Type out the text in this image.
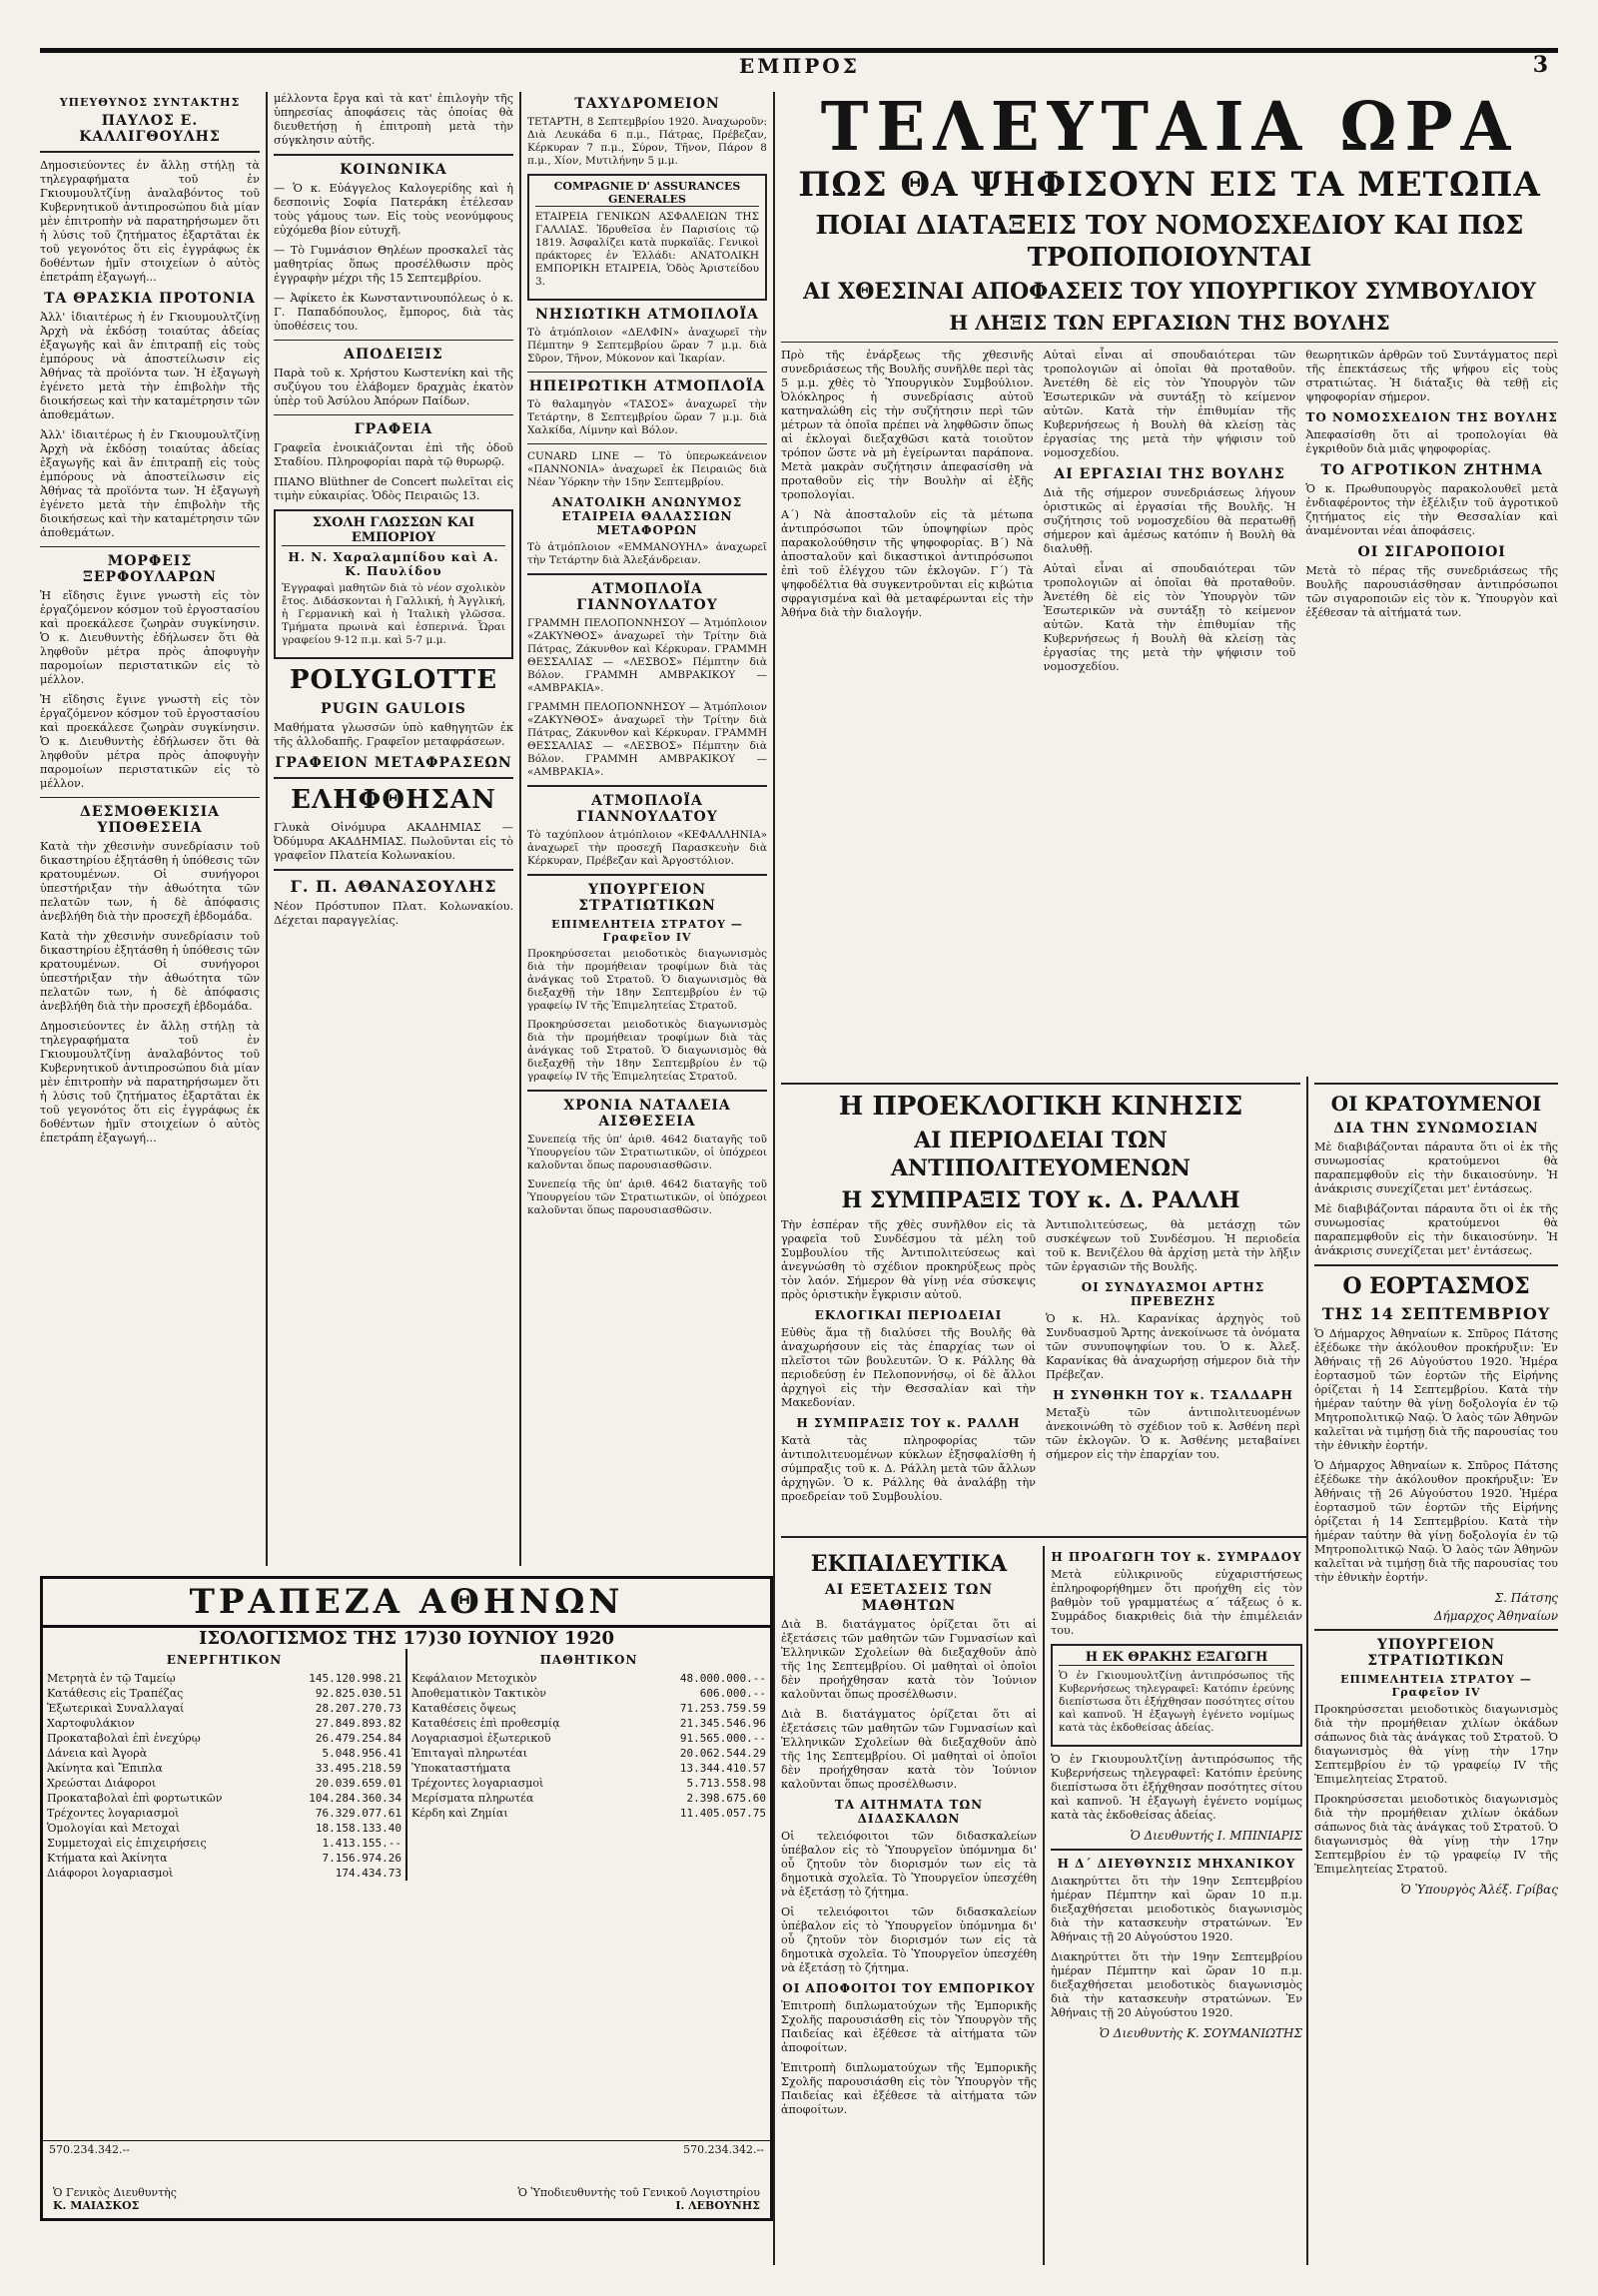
ΕΜΠΡΟΣ	3
ΥΠΕΥΘΥΝΟΣ ΣΥΝΤΑΚΤΗΣ
ΠΑΥΛΟΣ Ε. ΚΑΛΛΙΓΘΟΥΛΗΣ

Δημοσιεύοντες ἐν ἄλλῃ στήλῃ τὰ τηλεγραφήματα τοῦ ἐν Γκιουμουλτζίνῃ ἀναλαβόντος τοῦ Κυβερνητικοῦ ἀντιπροσώπου διὰ μίαν μὲν ἐπιτροπὴν νὰ παρατηρήσωμεν ὅτι ἡ λύσις τοῦ ζητήματος ἐξαρτᾶται ἐκ τοῦ γεγονότος ὅτι εἰς ἐγγράφως ἐκ δοθέντων ἡμῖν στοιχείων ὁ αὐτὸς ἐπετράπη ἐξαγωγή...

ΤΑ ΘΡΑΣΚΙΑ ΠΡΟΤΟΝΙΑ

Ἀλλ' ἰδιαιτέρως ἡ ἐν Γκιουμουλτζίνῃ Ἀρχὴ νὰ ἐκδόσῃ τοιαύτας ἀδείας ἐξαγωγῆς καὶ ἂν ἐπιτραπῇ εἰς τοὺς ἐμπόρους νὰ ἀποστείλωσιν εἰς Ἀθήνας τὰ προϊόντα των. Ἡ ἐξαγωγὴ ἐγένετο μετὰ τὴν ἐπιβολὴν τῆς διοικήσεως καὶ τὴν καταμέτρησιν τῶν ἀποθεμάτων.

Ἀλλ' ἰδιαιτέρως ἡ ἐν Γκιουμουλτζίνῃ Ἀρχὴ νὰ ἐκδόσῃ τοιαύτας ἀδείας ἐξαγωγῆς καὶ ἂν ἐπιτραπῇ εἰς τοὺς ἐμπόρους νὰ ἀποστείλωσιν εἰς Ἀθήνας τὰ προϊόντα των. Ἡ ἐξαγωγὴ ἐγένετο μετὰ τὴν ἐπιβολὴν τῆς διοικήσεως καὶ τὴν καταμέτρησιν τῶν ἀποθεμάτων.

ΜΟΡΦΕΙΣ ΞΕΡΦΟΥΛΑΡΩΝ

Ἡ εἴδησις ἔγινε γνωστὴ εἰς τὸν ἐργαζόμενον κόσμον τοῦ ἐργοστασίου καὶ προεκάλεσε ζωηρὰν συγκίνησιν. Ὁ κ. Διευθυντὴς ἐδήλωσεν ὅτι θὰ ληφθοῦν μέτρα πρὸς ἀποφυγὴν παρομοίων περιστατικῶν εἰς τὸ μέλλον.

Ἡ εἴδησις ἔγινε γνωστὴ εἰς τὸν ἐργαζόμενον κόσμον τοῦ ἐργοστασίου καὶ προεκάλεσε ζωηρὰν συγκίνησιν. Ὁ κ. Διευθυντὴς ἐδήλωσεν ὅτι θὰ ληφθοῦν μέτρα πρὸς ἀποφυγὴν παρομοίων περιστατικῶν εἰς τὸ μέλλον.

ΔΕΣΜΟΘΕΚΙΣΙΑ ΥΠΟΘΕΣΕΙΑ

Κατὰ τὴν χθεσινὴν συνεδρίασιν τοῦ δικαστηρίου ἐξητάσθη ἡ ὑπόθεσις τῶν κρατουμένων. Οἱ συνήγοροι ὑπεστήριξαν τὴν ἀθωότητα τῶν πελατῶν των, ἡ δὲ ἀπόφασις ἀνεβλήθη διὰ τὴν προσεχῆ ἑβδομάδα.

Κατὰ τὴν χθεσινὴν συνεδρίασιν τοῦ δικαστηρίου ἐξητάσθη ἡ ὑπόθεσις τῶν κρατουμένων. Οἱ συνήγοροι ὑπεστήριξαν τὴν ἀθωότητα τῶν πελατῶν των, ἡ δὲ ἀπόφασις ἀνεβλήθη διὰ τὴν προσεχῆ ἑβδομάδα.

Δημοσιεύοντες ἐν ἄλλῃ στήλῃ τὰ τηλεγραφήματα τοῦ ἐν Γκιουμουλτζίνῃ ἀναλαβόντος τοῦ Κυβερνητικοῦ ἀντιπροσώπου διὰ μίαν μὲν ἐπιτροπὴν νὰ παρατηρήσωμεν ὅτι ἡ λύσις τοῦ ζητήματος ἐξαρτᾶται ἐκ τοῦ γεγονότος ὅτι εἰς ἐγγράφως ἐκ δοθέντων ἡμῖν στοιχείων ὁ αὐτὸς ἐπετράπη ἐξαγωγή...

μέλλοντα ἔργα καὶ τὰ κατ' ἐπιλογὴν τῆς ὑπηρεσίας ἀποφάσεις τὰς ὁποίας θὰ διευθετήσῃ ἡ ἐπιτροπὴ μετὰ τὴν σύγκλησιν αὐτῆς.

ΚΟΙΝΩΝΙΚΑ

— Ὁ κ. Εὐάγγελος Καλογερίδης καὶ ἡ δεσποινὶς Σοφία Πατεράκη ἐτέλεσαν τοὺς γάμους των. Εἰς τοὺς νεονύμφους εὐχόμεθα βίον εὐτυχῆ.

— Τὸ Γυμνάσιον Θηλέων προσκαλεῖ τὰς μαθητρίας ὅπως προσέλθωσιν πρὸς ἐγγραφὴν μέχρι τῆς 15 Σεπτεμβρίου.

— Ἀφίκετο ἐκ Κωνσταντινουπόλεως ὁ κ. Γ. Παπαδόπουλος, ἔμπορος, διὰ τὰς ὑποθέσεις του.

ΑΠΟΔΕΙΞΙΣ

Παρὰ τοῦ κ. Χρήστου Κωστενίκη καὶ τῆς συζύγου του ἐλάβομεν δραχμὰς ἑκατὸν ὑπὲρ τοῦ Ἀσύλου Ἀπόρων Παίδων.

ΓΡΑΦΕΙΑ

Γραφεῖα ἐνοικιάζονται ἐπὶ τῆς ὁδοῦ Σταδίου. Πληροφορίαι παρὰ τῷ θυρωρῷ.

ΠΙΑΝΟ Blüthner de Concert πωλεῖται εἰς τιμὴν εὐκαιρίας. Ὁδὸς Πειραιῶς 13.

ΣΧΟΛΗ ΓΛΩΣΣΩΝ ΚΑΙ ΕΜΠΟΡΙΟΥ
Η. Ν. Χαραλαμπίδου καὶ Α. Κ. Παυλίδου

Ἐγγραφαὶ μαθητῶν διὰ τὸ νέον σχολικὸν ἔτος. Διδάσκονται ἡ Γαλλική, ἡ Ἀγγλική, ἡ Γερμανικὴ καὶ ἡ Ἰταλικὴ γλῶσσα. Τμήματα πρωινὰ καὶ ἑσπερινά. Ὧραι γραφείου 9-12 π.μ. καὶ 5-7 μ.μ.

POLYGLOTTE
PUGIN GAULOIS

Μαθήματα γλωσσῶν ὑπὸ καθηγητῶν ἐκ τῆς ἀλλοδαπῆς. Γραφεῖον μεταφράσεων.

ΓΡΑΦΕΙΟΝ ΜΕΤΑΦΡΑΣΕΩΝ
ΕΛΗΦΘΗΣΑΝ

Γλυκὰ Οἰνόμυρα ΑΚΑΔΗΜΙΑΣ — Ὀδύμυρα ΑΚΑΔΗΜΙΑΣ. Πωλοῦνται εἰς τὸ γραφεῖον Πλατεία Κολωνακίου.

Γ. Π. ΑΘΑΝΑΣΟΥΛΗΣ

Νέον Πρόστυπον Πλατ. Κολωνακίου. Δέχεται παραγγελίας.

ΤΑΧΥΔΡΟΜΕΙΟΝ

ΤΕΤΑΡΤΗ, 8 Σεπτεμβρίου 1920. Ἀναχωροῦν: Διὰ Λευκάδα 6 π.μ., Πάτρας, Πρέβεζαν, Κέρκυραν 7 π.μ., Σύρον, Τῆνον, Πάρον 8 π.μ., Χίον, Μυτιλήνην 5 μ.μ.

COMPAGNIE D' ASSURANCES GENERALES

ΕΤΑΙΡΕΙΑ ΓΕΝΙΚΩΝ ΑΣΦΑΛΕΙΩΝ ΤΗΣ ΓΑΛΛΙΑΣ. Ἱδρυθεῖσα ἐν Παρισίοις τῷ 1819. Ἀσφαλίζει κατὰ πυρκαϊᾶς. Γενικοὶ πράκτορες ἐν Ἑλλάδι: ΑΝΑΤΟΛΙΚΗ ΕΜΠΟΡΙΚΗ ΕΤΑΙΡΕΙΑ, Ὁδὸς Ἀριστείδου 3.

ΝΗΣΙΩΤΙΚΗ ΑΤΜΟΠΛΟΪΑ

Τὸ ἀτμόπλοιον «ΔΕΛΦΙΝ» ἀναχωρεῖ τὴν Πέμπτην 9 Σεπτεμβρίου ὥραν 7 μ.μ. διὰ Σῦρον, Τῆνον, Μύκονον καὶ Ἰκαρίαν.

ΗΠΕΙΡΩΤΙΚΗ ΑΤΜΟΠΛΟΪΑ

Τὸ θαλαμηγὸν «ΤΑΣΟΣ» ἀναχωρεῖ τὴν Τετάρτην, 8 Σεπτεμβρίου ὥραν 7 μ.μ. διὰ Χαλκίδα, Λίμνην καὶ Βόλον.

CUNARD LINE — Τὸ ὑπερωκεάνειον «ΠΑΝΝΟΝΙΑ» ἀναχωρεῖ ἐκ Πειραιῶς διὰ Νέαν Ὑόρκην τὴν 15ην Σεπτεμβρίου.

ΑΝΑΤΟΛΙΚΗ ΑΝΩΝΥΜΟΣ ΕΤΑΙΡΕΙΑ ΘΑΛΑΣΣΙΩΝ ΜΕΤΑΦΟΡΩΝ

Τὸ ἀτμόπλοιον «ΕΜΜΑΝΟΥΗΛ» ἀναχωρεῖ τὴν Τετάρτην διὰ Ἀλεξάνδρειαν.

ΑΤΜΟΠΛΟΪΑ ΓΙΑΝΝΟΥΛΑΤΟΥ

ΓΡΑΜΜΗ ΠΕΛΟΠΟΝΝΗΣΟΥ — Ἀτμόπλοιον «ΖΑΚΥΝΘΟΣ» ἀναχωρεῖ τὴν Τρίτην διὰ Πάτρας, Ζάκυνθον καὶ Κέρκυραν. ΓΡΑΜΜΗ ΘΕΣΣΑΛΙΑΣ — «ΛΕΣΒΟΣ» Πέμπτην διὰ Βόλον. ΓΡΑΜΜΗ ΑΜΒΡΑΚΙΚΟΥ — «ΑΜΒΡΑΚΙΑ».

ΓΡΑΜΜΗ ΠΕΛΟΠΟΝΝΗΣΟΥ — Ἀτμόπλοιον «ΖΑΚΥΝΘΟΣ» ἀναχωρεῖ τὴν Τρίτην διὰ Πάτρας, Ζάκυνθον καὶ Κέρκυραν. ΓΡΑΜΜΗ ΘΕΣΣΑΛΙΑΣ — «ΛΕΣΒΟΣ» Πέμπτην διὰ Βόλον. ΓΡΑΜΜΗ ΑΜΒΡΑΚΙΚΟΥ — «ΑΜΒΡΑΚΙΑ».

ΑΤΜΟΠΛΟΪΑ ΓΙΑΝΝΟΥΛΑΤΟΥ

Τὸ ταχύπλοον ἀτμόπλοιον «ΚΕΦΑΛΛΗΝΙΑ» ἀναχωρεῖ τὴν προσεχῆ Παρασκευὴν διὰ Κέρκυραν, Πρέβεζαν καὶ Ἀργοστόλιον.

ΥΠΟΥΡΓΕΙΟΝ ΣΤΡΑΤΙΩΤΙΚΩΝ
ΕΠΙΜΕΛΗΤΕΙΑ ΣΤΡΑΤΟΥ — Γραφεῖον IV

Προκηρύσσεται μειοδοτικὸς διαγωνισμὸς διὰ τὴν προμήθειαν τροφίμων διὰ τὰς ἀνάγκας τοῦ Στρατοῦ. Ὁ διαγωνισμὸς θὰ διεξαχθῇ τὴν 18ην Σεπτεμβρίου ἐν τῷ γραφείῳ IV τῆς Ἐπιμελητείας Στρατοῦ.

Προκηρύσσεται μειοδοτικὸς διαγωνισμὸς διὰ τὴν προμήθειαν τροφίμων διὰ τὰς ἀνάγκας τοῦ Στρατοῦ. Ὁ διαγωνισμὸς θὰ διεξαχθῇ τὴν 18ην Σεπτεμβρίου ἐν τῷ γραφείῳ IV τῆς Ἐπιμελητείας Στρατοῦ.

ΧΡΟΝΙΑ ΝΑΤΑΛΕΙΑ ΑΙΣΘΕΣΕΙΑ

Συνεπείᾳ τῆς ὑπ' ἀριθ. 4642 διαταγῆς τοῦ Ὑπουργείου τῶν Στρατιωτικῶν, οἱ ὑπόχρεοι καλοῦνται ὅπως παρουσιασθῶσιν.

Συνεπείᾳ τῆς ὑπ' ἀριθ. 4642 διαταγῆς τοῦ Ὑπουργείου τῶν Στρατιωτικῶν, οἱ ὑπόχρεοι καλοῦνται ὅπως παρουσιασθῶσιν.

ΤΕΛΕΥΤΑΙΑ ΩΡΑ
ΠΩΣ ΘΑ ΨΗΦΙΣΟΥΝ ΕΙΣ ΤΑ ΜΕΤΩΠΑ
ΠΟΙΑΙ ΔΙΑΤΑΞΕΙΣ ΤΟΥ ΝΟΜΟΣΧΕΔΙΟΥ ΚΑΙ ΠΩΣ ΤΡΟΠΟΠΟΙΟΥΝΤΑΙ
ΑΙ ΧΘΕΣΙΝΑΙ ΑΠΟΦΑΣΕΙΣ ΤΟΥ ΥΠΟΥΡΓΙΚΟΥ ΣΥΜΒΟΥΛΙΟΥ
Η ΛΗΞΙΣ ΤΩΝ ΕΡΓΑΣΙΩΝ ΤΗΣ ΒΟΥΛΗΣ

Πρὸ τῆς ἐνάρξεως τῆς χθεσινῆς συνεδριάσεως τῆς Βουλῆς συνῆλθε περὶ τὰς 5 μ.μ. χθὲς τὸ Ὑπουργικὸν Συμβούλιον. Ὀλόκληρος ἡ συνεδρίασις αὐτοῦ κατηναλώθη εἰς τὴν συζήτησιν περὶ τῶν μέτρων τὰ ὁποῖα πρέπει νὰ ληφθῶσιν ὅπως αἱ ἐκλογαὶ διεξαχθῶσι κατὰ τοιοῦτον τρόπον ὥστε νὰ μὴ ἐγείρωνται παράπονα. Μετὰ μακρὰν συζήτησιν ἀπεφασίσθη νὰ προταθοῦν εἰς τὴν Βουλὴν αἱ ἑξῆς τροπολογίαι.

Α΄) Νὰ ἀποσταλοῦν εἰς τὰ μέτωπα ἀντιπρόσωποι τῶν ὑποψηφίων πρὸς παρακολούθησιν τῆς ψηφοφορίας. Β΄) Νὰ ἀποσταλοῦν καὶ δικαστικοὶ ἀντιπρόσωποι ἐπὶ τοῦ ἐλέγχου τῶν ἐκλογῶν. Γ΄) Τὰ ψηφοδέλτια θὰ συγκεντροῦνται εἰς κιβώτια σφραγισμένα καὶ θὰ μεταφέρωνται εἰς τὴν Ἀθήνα διὰ τὴν διαλογήν.

Αὐταὶ εἶναι αἱ σπουδαιότεραι τῶν τροπολογιῶν αἱ ὁποῖαι θὰ προταθοῦν. Ἀνετέθη δὲ εἰς τὸν Ὑπουργὸν τῶν Ἐσωτερικῶν νὰ συντάξῃ τὸ κείμενον αὐτῶν. Κατὰ τὴν ἐπιθυμίαν τῆς Κυβερνήσεως ἡ Βουλὴ θὰ κλείσῃ τὰς ἐργασίας της μετὰ τὴν ψήφισιν τοῦ νομοσχεδίου.

ΑΙ ΕΡΓΑΣΙΑΙ ΤΗΣ ΒΟΥΛΗΣ

Διὰ τῆς σήμερον συνεδριάσεως λήγουν ὁριστικῶς αἱ ἐργασίαι τῆς Βουλῆς. Ἡ συζήτησις τοῦ νομοσχεδίου θὰ περατωθῇ σήμερον καὶ ἀμέσως κατόπιν ἡ Βουλὴ θὰ διαλυθῇ.

Αὐταὶ εἶναι αἱ σπουδαιότεραι τῶν τροπολογιῶν αἱ ὁποῖαι θὰ προταθοῦν. Ἀνετέθη δὲ εἰς τὸν Ὑπουργὸν τῶν Ἐσωτερικῶν νὰ συντάξῃ τὸ κείμενον αὐτῶν. Κατὰ τὴν ἐπιθυμίαν τῆς Κυβερνήσεως ἡ Βουλὴ θὰ κλείσῃ τὰς ἐργασίας της μετὰ τὴν ψήφισιν τοῦ νομοσχεδίου.

θεωρητικῶν ἀρθρῶν τοῦ Συντάγματος περὶ τῆς ἐπεκτάσεως τῆς ψήφου εἰς τοὺς στρατιώτας. Ἡ διάταξις θὰ τεθῇ εἰς ψηφοφορίαν σήμερον.

ΤΟ ΝΟΜΟΣΧΕΔΙΟΝ ΤΗΣ ΒΟΥΛΗΣ

Ἀπεφασίσθη ὅτι αἱ τροπολογίαι θὰ ἐγκριθοῦν διὰ μιᾶς ψηφοφορίας.

ΤΟ ΑΓΡΟΤΙΚΟΝ ΖΗΤΗΜΑ

Ὁ κ. Πρωθυπουργὸς παρακολουθεῖ μετὰ ἐνδιαφέροντος τὴν ἐξέλιξιν τοῦ ἀγροτικοῦ ζητήματος εἰς τὴν Θεσσαλίαν καὶ ἀναμένονται νέαι ἀποφάσεις.

ΟΙ ΣΙΓΑΡΟΠΟΙΟΙ

Μετὰ τὸ πέρας τῆς συνεδριάσεως τῆς Βουλῆς παρουσιάσθησαν ἀντιπρόσωποι τῶν σιγαροποιῶν εἰς τὸν κ. Ὑπουργὸν καὶ ἐξέθεσαν τὰ αἰτήματά των.

Η ΠΡΟΕΚΛΟΓΙΚΗ ΚΙΝΗΣΙΣ
ΑΙ ΠΕΡΙΟΔΕΙΑΙ ΤΩΝ ΑΝΤΙΠΟΛΙΤΕΥΟΜΕΝΩΝ
Η ΣΥΜΠΡΑΞΙΣ ΤΟΥ κ. Δ. ΡΑΛΛΗ

Τὴν ἑσπέραν τῆς χθὲς συνῆλθον εἰς τὰ γραφεῖα τοῦ Συνδέσμου τὰ μέλη τοῦ Συμβουλίου τῆς Ἀντιπολιτεύσεως καὶ ἀνεγνώσθη τὸ σχέδιον προκηρύξεως πρὸς τὸν λαόν. Σήμερον θὰ γίνῃ νέα σύσκεψις πρὸς ὁριστικὴν ἔγκρισιν αὐτοῦ.

ΕΚΛΟΓΙΚΑΙ ΠΕΡΙΟΔΕΙΑΙ

Εὐθὺς ἅμα τῇ διαλύσει τῆς Βουλῆς θὰ ἀναχωρήσουν εἰς τὰς ἐπαρχίας των οἱ πλεῖστοι τῶν βουλευτῶν. Ὁ κ. Ράλλης θὰ περιοδεύσῃ ἐν Πελοποννήσῳ, οἱ δὲ ἄλλοι ἀρχηγοὶ εἰς τὴν Θεσσαλίαν καὶ τὴν Μακεδονίαν.

Η ΣΥΜΠΡΑΞΙΣ ΤΟΥ κ. ΡΑΛΛΗ

Κατὰ τὰς πληροφορίας τῶν ἀντιπολιτευομένων κύκλων ἐξησφαλίσθη ἡ σύμπραξις τοῦ κ. Δ. Ράλλη μετὰ τῶν ἄλλων ἀρχηγῶν. Ὁ κ. Ράλλης θὰ ἀναλάβῃ τὴν προεδρείαν τοῦ Συμβουλίου.

Ἀντιπολιτεύσεως, θὰ μετάσχῃ τῶν συσκέψεων τοῦ Συνδέσμου. Ἡ περιοδεία τοῦ κ. Βενιζέλου θὰ ἀρχίσῃ μετὰ τὴν λῆξιν τῶν ἐργασιῶν τῆς Βουλῆς.

ΟΙ ΣΥΝΔΥΑΣΜΟΙ ΑΡΤΗΣ ΠΡΕΒΕΖΗΣ

Ὁ κ. Ηλ. Καρανίκας ἀρχηγὸς τοῦ Συνδυασμοῦ Ἄρτης ἀνεκοίνωσε τὰ ὀνόματα τῶν συνυποψηφίων του. Ὁ κ. Ἀλεξ. Καρανίκας θὰ ἀναχωρήσῃ σήμερον διὰ τὴν Πρέβεζαν.

Η ΣΥΝΘΗΚΗ ΤΟΥ κ. ΤΣΑΛΔΑΡΗ

Μεταξὺ τῶν ἀντιπολιτευομένων ἀνεκοινώθη τὸ σχέδιον τοῦ κ. Ἀσθένη περὶ τῶν ἐκλογῶν. Ὁ κ. Ἀσθένης μεταβαίνει σήμερον εἰς τὴν ἐπαρχίαν του.

ΟΙ ΚΡΑΤΟΥΜΕΝΟΙ
ΔΙΑ ΤΗΝ ΣΥΝΩΜΟΣΙΑΝ

Μὲ διαβιβάζονται πάραυτα ὅτι οἱ ἐκ τῆς συνωμοσίας κρατούμενοι θὰ παραπεμφθοῦν εἰς τὴν δικαιοσύνην. Ἡ ἀνάκρισις συνεχίζεται μετ' ἐντάσεως.

Μὲ διαβιβάζονται πάραυτα ὅτι οἱ ἐκ τῆς συνωμοσίας κρατούμενοι θὰ παραπεμφθοῦν εἰς τὴν δικαιοσύνην. Ἡ ἀνάκρισις συνεχίζεται μετ' ἐντάσεως.

Ο ΕΟΡΤΑΣΜΟΣ
ΤΗΣ 14 ΣΕΠΤΕΜΒΡΙΟΥ

Ὁ Δήμαρχος Ἀθηναίων κ. Σπῦρος Πάτσης ἐξέδωκε τὴν ἀκόλουθον προκήρυξιν: Ἐν Ἀθήναις τῇ 26 Αὐγούστου 1920. Ἡμέρα ἑορτασμοῦ τῶν ἑορτῶν τῆς Εἰρήνης ὁρίζεται ἡ 14 Σεπτεμβρίου. Κατὰ τὴν ἡμέραν ταύτην θὰ γίνῃ δοξολογία ἐν τῷ Μητροπολιτικῷ Ναῷ. Ὁ λαὸς τῶν Ἀθηνῶν καλεῖται νὰ τιμήσῃ διὰ τῆς παρουσίας του τὴν ἐθνικὴν ἑορτήν.

Ὁ Δήμαρχος Ἀθηναίων κ. Σπῦρος Πάτσης ἐξέδωκε τὴν ἀκόλουθον προκήρυξιν: Ἐν Ἀθήναις τῇ 26 Αὐγούστου 1920. Ἡμέρα ἑορτασμοῦ τῶν ἑορτῶν τῆς Εἰρήνης ὁρίζεται ἡ 14 Σεπτεμβρίου. Κατὰ τὴν ἡμέραν ταύτην θὰ γίνῃ δοξολογία ἐν τῷ Μητροπολιτικῷ Ναῷ. Ὁ λαὸς τῶν Ἀθηνῶν καλεῖται νὰ τιμήσῃ διὰ τῆς παρουσίας του τὴν ἐθνικὴν ἑορτήν.

Σ. Πάτσης
Δήμαρχος Ἀθηναίων
ΥΠΟΥΡΓΕΙΟΝ ΣΤΡΑΤΙΩΤΙΚΩΝ
ΕΠΙΜΕΛΗΤΕΙΑ ΣΤΡΑΤΟΥ — Γραφεῖον IV

Προκηρύσσεται μειοδοτικὸς διαγωνισμὸς διὰ τὴν προμήθειαν χιλίων ὀκάδων σάπωνος διὰ τὰς ἀνάγκας τοῦ Στρατοῦ. Ὁ διαγωνισμὸς θὰ γίνῃ τὴν 17ην Σεπτεμβρίου ἐν τῷ γραφείῳ IV τῆς Ἐπιμελητείας Στρατοῦ.

Προκηρύσσεται μειοδοτικὸς διαγωνισμὸς διὰ τὴν προμήθειαν χιλίων ὀκάδων σάπωνος διὰ τὰς ἀνάγκας τοῦ Στρατοῦ. Ὁ διαγωνισμὸς θὰ γίνῃ τὴν 17ην Σεπτεμβρίου ἐν τῷ γραφείῳ IV τῆς Ἐπιμελητείας Στρατοῦ.

Ὁ Ὑπουργὸς Ἀλέξ. Γρίβας
ΕΚΠΑΙΔΕΥΤΙΚΑ
ΑΙ ΕΞΕΤΑΣΕΙΣ ΤΩΝ ΜΑΘΗΤΩΝ

Διὰ Β. διατάγματος ὁρίζεται ὅτι αἱ ἐξετάσεις τῶν μαθητῶν τῶν Γυμνασίων καὶ Ἑλληνικῶν Σχολείων θὰ διεξαχθοῦν ἀπὸ τῆς 1ης Σεπτεμβρίου. Οἱ μαθηταὶ οἱ ὁποῖοι δὲν προήχθησαν κατὰ τὸν Ἰούνιον καλοῦνται ὅπως προσέλθωσιν.

Διὰ Β. διατάγματος ὁρίζεται ὅτι αἱ ἐξετάσεις τῶν μαθητῶν τῶν Γυμνασίων καὶ Ἑλληνικῶν Σχολείων θὰ διεξαχθοῦν ἀπὸ τῆς 1ης Σεπτεμβρίου. Οἱ μαθηταὶ οἱ ὁποῖοι δὲν προήχθησαν κατὰ τὸν Ἰούνιον καλοῦνται ὅπως προσέλθωσιν.

ΤΑ ΑΙΤΗΜΑΤΑ ΤΩΝ ΔΙΔΑΣΚΑΛΩΝ

Οἱ τελειόφοιτοι τῶν διδασκαλείων ὑπέβαλον εἰς τὸ Ὑπουργεῖον ὑπόμνημα δι' οὗ ζητοῦν τὸν διορισμόν των εἰς τὰ δημοτικὰ σχολεῖα. Τὸ Ὑπουργεῖον ὑπεσχέθη νὰ ἐξετάσῃ τὸ ζήτημα.

Οἱ τελειόφοιτοι τῶν διδασκαλείων ὑπέβαλον εἰς τὸ Ὑπουργεῖον ὑπόμνημα δι' οὗ ζητοῦν τὸν διορισμόν των εἰς τὰ δημοτικὰ σχολεῖα. Τὸ Ὑπουργεῖον ὑπεσχέθη νὰ ἐξετάσῃ τὸ ζήτημα.

ΟΙ ΑΠΟΦΟΙΤΟΙ ΤΟΥ ΕΜΠΟΡΙΚΟΥ

Ἐπιτροπὴ διπλωματούχων τῆς Ἐμπορικῆς Σχολῆς παρουσιάσθη εἰς τὸν Ὑπουργὸν τῆς Παιδείας καὶ ἐξέθεσε τὰ αἰτήματα τῶν ἀποφοίτων.

Ἐπιτροπὴ διπλωματούχων τῆς Ἐμπορικῆς Σχολῆς παρουσιάσθη εἰς τὸν Ὑπουργὸν τῆς Παιδείας καὶ ἐξέθεσε τὰ αἰτήματα τῶν ἀποφοίτων.

Η ΠΡΟΑΓΩΓΗ ΤΟΥ κ. ΣΥΜΡΑΔΟΥ

Μετὰ εὐλικρινοῦς εὐχαριστήσεως ἐπληροφορήθημεν ὅτι προήχθη εἰς τὸν βαθμὸν τοῦ γραμματέως α΄ τάξεως ὁ κ. Συμράδος διακριθεὶς διὰ τὴν ἐπιμέλειάν του.

Η ΕΚ ΘΡΑΚΗΣ ΕΞΑΓΩΓΗ

Ὁ ἐν Γκιουμουλτζίνῃ ἀντιπρόσωπος τῆς Κυβερνήσεως τηλεγραφεῖ: Κατόπιν ἐρεύνης διεπίστωσα ὅτι ἐξήχθησαν ποσότητες σίτου καὶ καπνοῦ. Ἡ ἐξαγωγὴ ἐγένετο νομίμως κατὰ τὰς ἐκδοθείσας ἀδείας.

Ὁ ἐν Γκιουμουλτζίνῃ ἀντιπρόσωπος τῆς Κυβερνήσεως τηλεγραφεῖ: Κατόπιν ἐρεύνης διεπίστωσα ὅτι ἐξήχθησαν ποσότητες σίτου καὶ καπνοῦ. Ἡ ἐξαγωγὴ ἐγένετο νομίμως κατὰ τὰς ἐκδοθείσας ἀδείας.

Ὁ Διευθυντής Ι. ΜΠΙΝΙΑΡΙΣ
Η Δ΄ ΔΙΕΥΘΥΝΣΙΣ ΜΗΧΑΝΙΚΟΥ

Διακηρύττει ὅτι τὴν 19ην Σεπτεμβρίου ἡμέραν Πέμπτην καὶ ὥραν 10 π.μ. διεξαχθήσεται μειοδοτικὸς διαγωνισμὸς διὰ τὴν κατασκευὴν στρατώνων. Ἐν Ἀθήναις τῇ 20 Αὐγούστου 1920.

Διακηρύττει ὅτι τὴν 19ην Σεπτεμβρίου ἡμέραν Πέμπτην καὶ ὥραν 10 π.μ. διεξαχθήσεται μειοδοτικὸς διαγωνισμὸς διὰ τὴν κατασκευὴν στρατώνων. Ἐν Ἀθήναις τῇ 20 Αὐγούστου 1920.

Ὁ Διευθυντὴς Κ. ΣΟΥΜΑΝΙΩΤΗΣ
ΤΡΑΠΕΖΑ ΑΘΗΝΩΝ
ΙΣΟΛΟΓΙΣΜΟΣ ΤΗΣ 17)30 ΙΟΥΝΙΟΥ 1920
ΕΝΕΡΓΗΤΙΚΟΝ
Μετρητὰ ἐν τῷ Ταμείῳ	145.120.998.21
Κατάθεσις εἰς Τραπέζας	92.825.030.51
Ἐξωτερικαὶ Συναλλαγαί	28.207.270.73
Χαρτοφυλάκιον	27.849.893.82
Προκαταβολαὶ ἐπὶ ἐνεχύρῳ	26.479.254.84
Δάνεια καὶ Ἀγορὰ	5.048.956.41
Ἀκίνητα καὶ Ἔπιπλα	33.495.218.59
Χρεώσται Διάφοροι	20.039.659.01
Προκαταβολαὶ ἐπὶ φορτωτικῶν	104.284.360.34
Τρέχοντες λογαριασμοὶ	76.329.077.61
Ὁμολογίαι καὶ Μετοχαὶ	18.158.133.40
Συμμετοχαὶ εἰς ἐπιχειρήσεις	1.413.155.--
Κτήματα καὶ Ἀκίνητα	7.156.974.26
Διάφοροι λογαριασμοὶ	174.434.73
ΠΑΘΗΤΙΚΟΝ
Κεφάλαιον Μετοχικὸν	48.000.000.--
Ἀποθεματικὸν Τακτικὸν	606.000.--
Καταθέσεις ὄψεως	71.253.759.59
Καταθέσεις ἐπὶ προθεσμίᾳ	21.345.546.96
Λογαριασμοὶ ἐξωτερικοῦ	91.565.000.--
Ἐπιταγαὶ πληρωτέαι	20.062.544.29
Ὑποκαταστήματα	13.344.410.57
Τρέχοντες λογαριασμοὶ	5.713.558.98
Μερίσματα πληρωτέα	2.398.675.60
Κέρδη καὶ Ζημίαι	11.405.057.75
570.234.342.--	570.234.342.--
Ὁ Γενικὸς Διευθυντὴς
Κ. ΜΑΙΑΣΚΟΣ
Ὁ Ὑποδιευθυντὴς τοῦ Γενικοῦ Λογιστηρίου
Ι. ΛΕΒΟΥΝΗΣ
